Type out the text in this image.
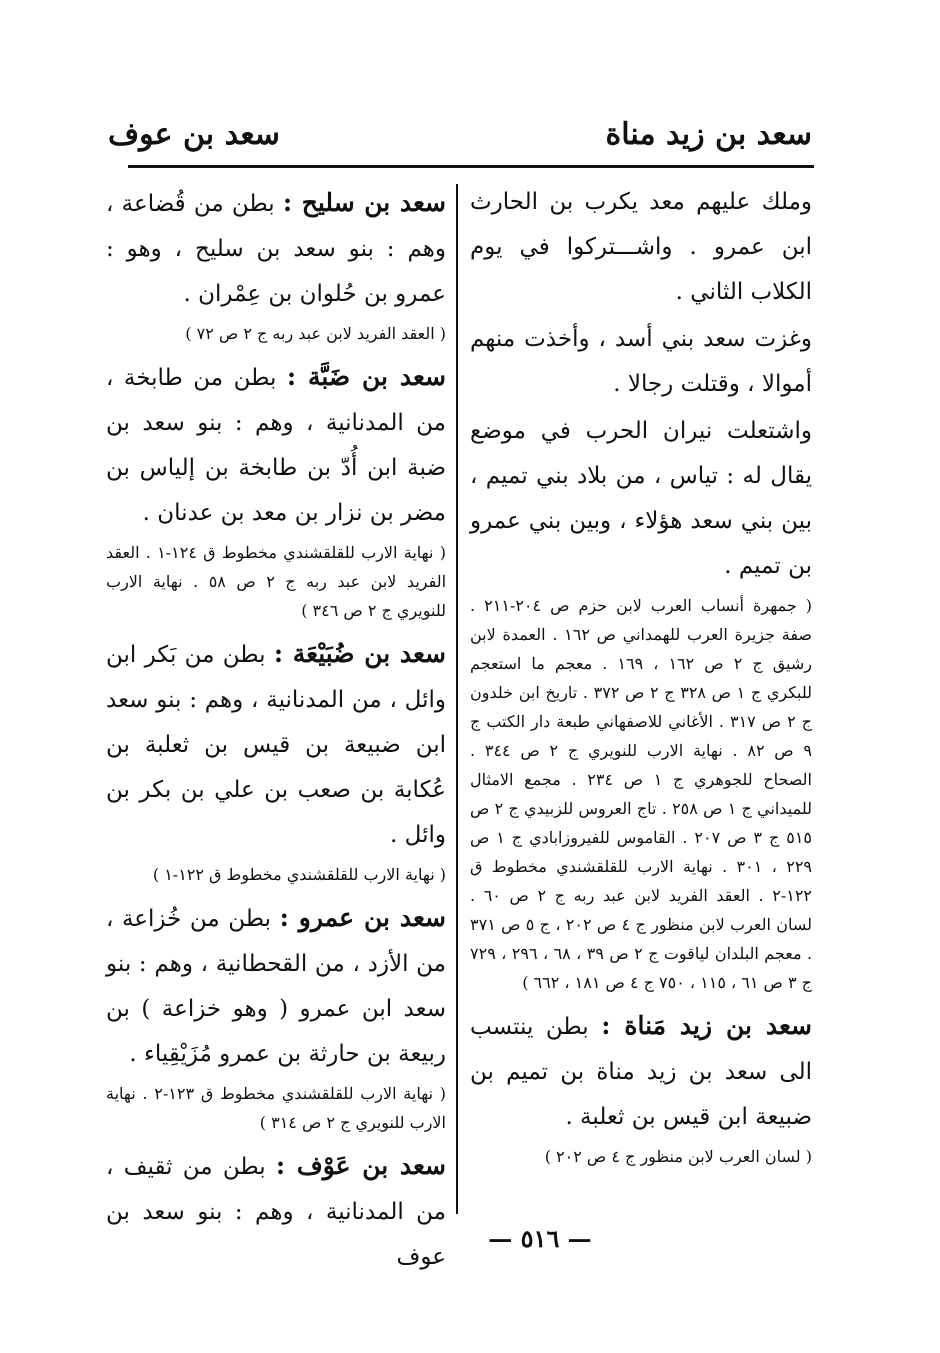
سعد بن زيد مناة
سعد بن عوف

وملك عليهم معد يكرب بن الحارث ابن عمرو . واشـــتركوا في يوم الكلاب الثاني .

وغزت سعد بني أسد ، وأخذت منهم أموالا ، وقتلت رجالا .

واشتعلت نيران الحرب في موضع يقال له : تياس ، من بلاد بني تميم ، بين بني سعد هؤلاء ، وبين بني عمرو بن تميم .

( جمهرة أنساب العرب لابن حزم ص ٢٠٤-٢١١ . صفة جزيرة العرب للهمداني ص ١٦٢ . العمدة لابن رشيق ج ٢ ص ١٦٢ ، ١٦٩ . معجم ما استعجم للبكري ج ١ ص ٣٢٨ ج ٢ ص ٣٧٢ . تاريخ ابن خلدون ج ٢ ص ٣١٧ . الأغاني للاصفهاني طبعة دار الكتب ج ٩ ص ٨٢ . نهاية الارب للنويري ج ٢ ص ٣٤٤ . الصحاح للجوهري ج ١ ص ٢٣٤ . مجمع الامثال للميداني ج ١ ص ٢٥٨ . تاج العروس للزبيدي ج ٢ ص ٥١٥ ج ٣ ص ٢٠٧ . القاموس للفيروزابادي ج ١ ص ٢٢٩ ، ٣٠١ . نهاية الارب للقلقشندي مخطوط ق ١٢٢-٢ . العقد الفريد لابن عبد ربه ج ٢ ص ٦٠ . لسان العرب لابن منظور ج ٤ ص ٢٠٢ ، ج ٥ ص ٣٧١ . معجم البلدان لياقوت ج ٢ ص ٣٩ ، ٦٨ ، ٢٩٦ ، ٧٢٩ ج ٣ ص ٦١ ، ١١٥ ، ٧٥٠ ج ٤ ص ١٨١ ، ٦٦٢ )

سعد بن زيد مَناة : بطن ينتسب الى سعد بن زيد مناة بن تميم بن ضبيعة ابن قيس بن ثعلبة .

( لسان العرب لابن منظور ج ٤ ص ٢٠٢ )

سعد بن سليح : بطن من قُضاعة ، وهم : بنو سعد بن سليح ، وهو : عمرو بن حُلوان بن عِمْران .

( العقد الفريد لابن عبد ربه ج ٢ ص ٧٢ )

سعد بن ضَبَّة : بطن من طابخة ، من المدنانية ، وهم : بنو سعد بن ضبة ابن أُدّ بن طابخة بن إلياس بن مضر بن نزار بن معد بن عدنان .

( نهاية الارب للقلقشندي مخطوط ق ١٢٤-١ . العقد الفريد لابن عبد ربه ج ٢ ص ٥٨ . نهاية الارب للنويري ج ٢ ص ٣٤٦ )

سعد بن ضُبَيْعَة : بطن من بَكر ابن وائل ، من المدنانية ، وهم : بنو سعد ابن ضبيعة بن قيس بن ثعلبة بن عُكابة بن صعب بن علي بن بكر بن وائل .

( نهاية الارب للقلقشندي مخطوط ق ١٢٢-١ )

سعد بن عمرو : بطن من خُزاعة ، من الأزد ، من القحطانية ، وهم : بنو سعد ابن عمرو ( وهو خزاعة ) بن ربيعة بن حارثة بن عمرو مُزَيْقِياء .

( نهاية الارب للقلقشندي مخطوط ق ١٢٣-٢ . نهاية الارب للنويري ج ٢ ص ٣١٤ )

سعد بن عَوْف : بطن من ثقيف ، من المدنانية ، وهم : بنو سعد بن عوف

— ٥١٦ —
